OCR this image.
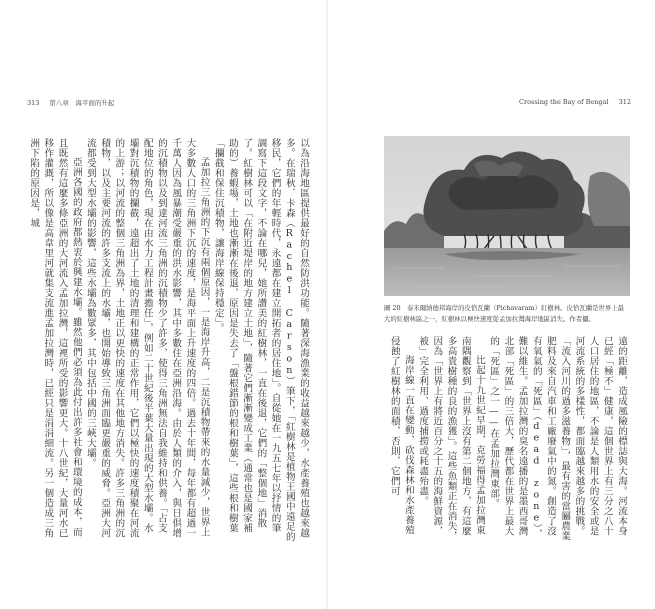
313 第八章　 海平面的升起
以為沿海地區提供最好的自然防洪功能。隨著深海漁業的收益越來越少，水產養殖也越來越多。在瑞秋．卡森（Rachel Carson）筆下，「紅樹林是植物王國中遠足的移民，它們的年輕時代，永遠都在建立開拓者的居住地」。自從她在一九五七年以抒情的筆調寫下這段文字，不論在哪兒，她所讚美的紅樹林，一直在後退，它們的「整個地」消散了。紅樹林可以「在附近堤岸的地方建立土地」，隨著它們漸漸變成工業（通常也是國家補助的）養蝦場，土地也漸漸在後退，原因是失去了「盤根錯節的根和樹葉」，這些根和樹葉「攔截和保住沉積物，讓海岸線保持穩定」。
孟加拉三角洲的下沉有兩個原因，一是海岸升高，二是沉積物帶來的水量減少，世界上大多數人口的三角洲下沉的速度，是海平面上升速度的四倍。過去十年間，每年都有超過一千萬人因為風暴潮受嚴重的洪水影響，其中多數住在亞洲沿海。由於人類的介入，與日俱增的沉積物以及到達河流三角洲的沉積物少了許多，使得三角洲無法自我維持和供養。「占支配地位的角色，現在由水力工程計畫擔任」，例如二十世紀後半葉大量出現的大型水壩。水壩對沉積物的攔截，遠超出了土地的清理和建構的正常作用，它們以極快的速度積聚在河流的上游；以河流的整個三角洲為界，土地正以更快的速度在其他地方消失。許多三角洲的沉積物，以及主要河流的許多支流上的水壩，也開始導致三角洲面臨更嚴重的威脅。亞洲大河流都受到大型水壩的影響，這些水壩為數眾多，其中包括中國的三峽大壩。
亞洲各國的政府都熱衷於興建水壩。雖然他們必須為此付出許多社會和環境的成本，而且既然有這麼多條亞洲的大河流入孟加拉灣，這裡所受的影響更大。十八世紀，大量河水已移作灌溉，所以像是高韋里河就集支流進孟加拉灣時，已經只是涓涓細流。另一個造成三角洲下陷的原因是，城
Crossing the Bay of Bengal 312
圖 20　泰米爾納德邦海岸的皮恰瓦蘭（Pichavaram）紅樹林。皮恰瓦蘭是世界上最大的紅樹林區之一，紅樹林以極快速度從孟加拉灣海岸地區消失。作者攝。
遠的距離，造成風險的標誌與大海。河流本身已經「極不」健康，這個世界上有三分之八十人口居住的地區，不論是人類用水的安全或是河流系統的多樣性，都面臨越來越多的挑戰。「流入河川的過多滋養物」，最有害的當屬農業肥料及來自汽車和工廠廢氣中的氮。創造了沒有氧氣的「死區」（dead zone），難以維生。孟加拉灣的臭名遠播的是墨西哥灣北部「死區」的三倍大，歷代都在世界上最大的「死區」之一——在孟加拉灣東部。
比起十九世紀早期，克勞福得孟加拉灣東南隅觀察到「世界上沒有第二個地方，有這麼多高貴樹種的良的漁獲」。這些魚類正在消失，因為「世界上有將近百分之十五的海鮮資源，被」完全利用、過度捕撈或耗盡殆盡。
海岸線一直在變動，砍伐森林和水產養殖侵蝕了紅樹林的面積，否則，它們可
